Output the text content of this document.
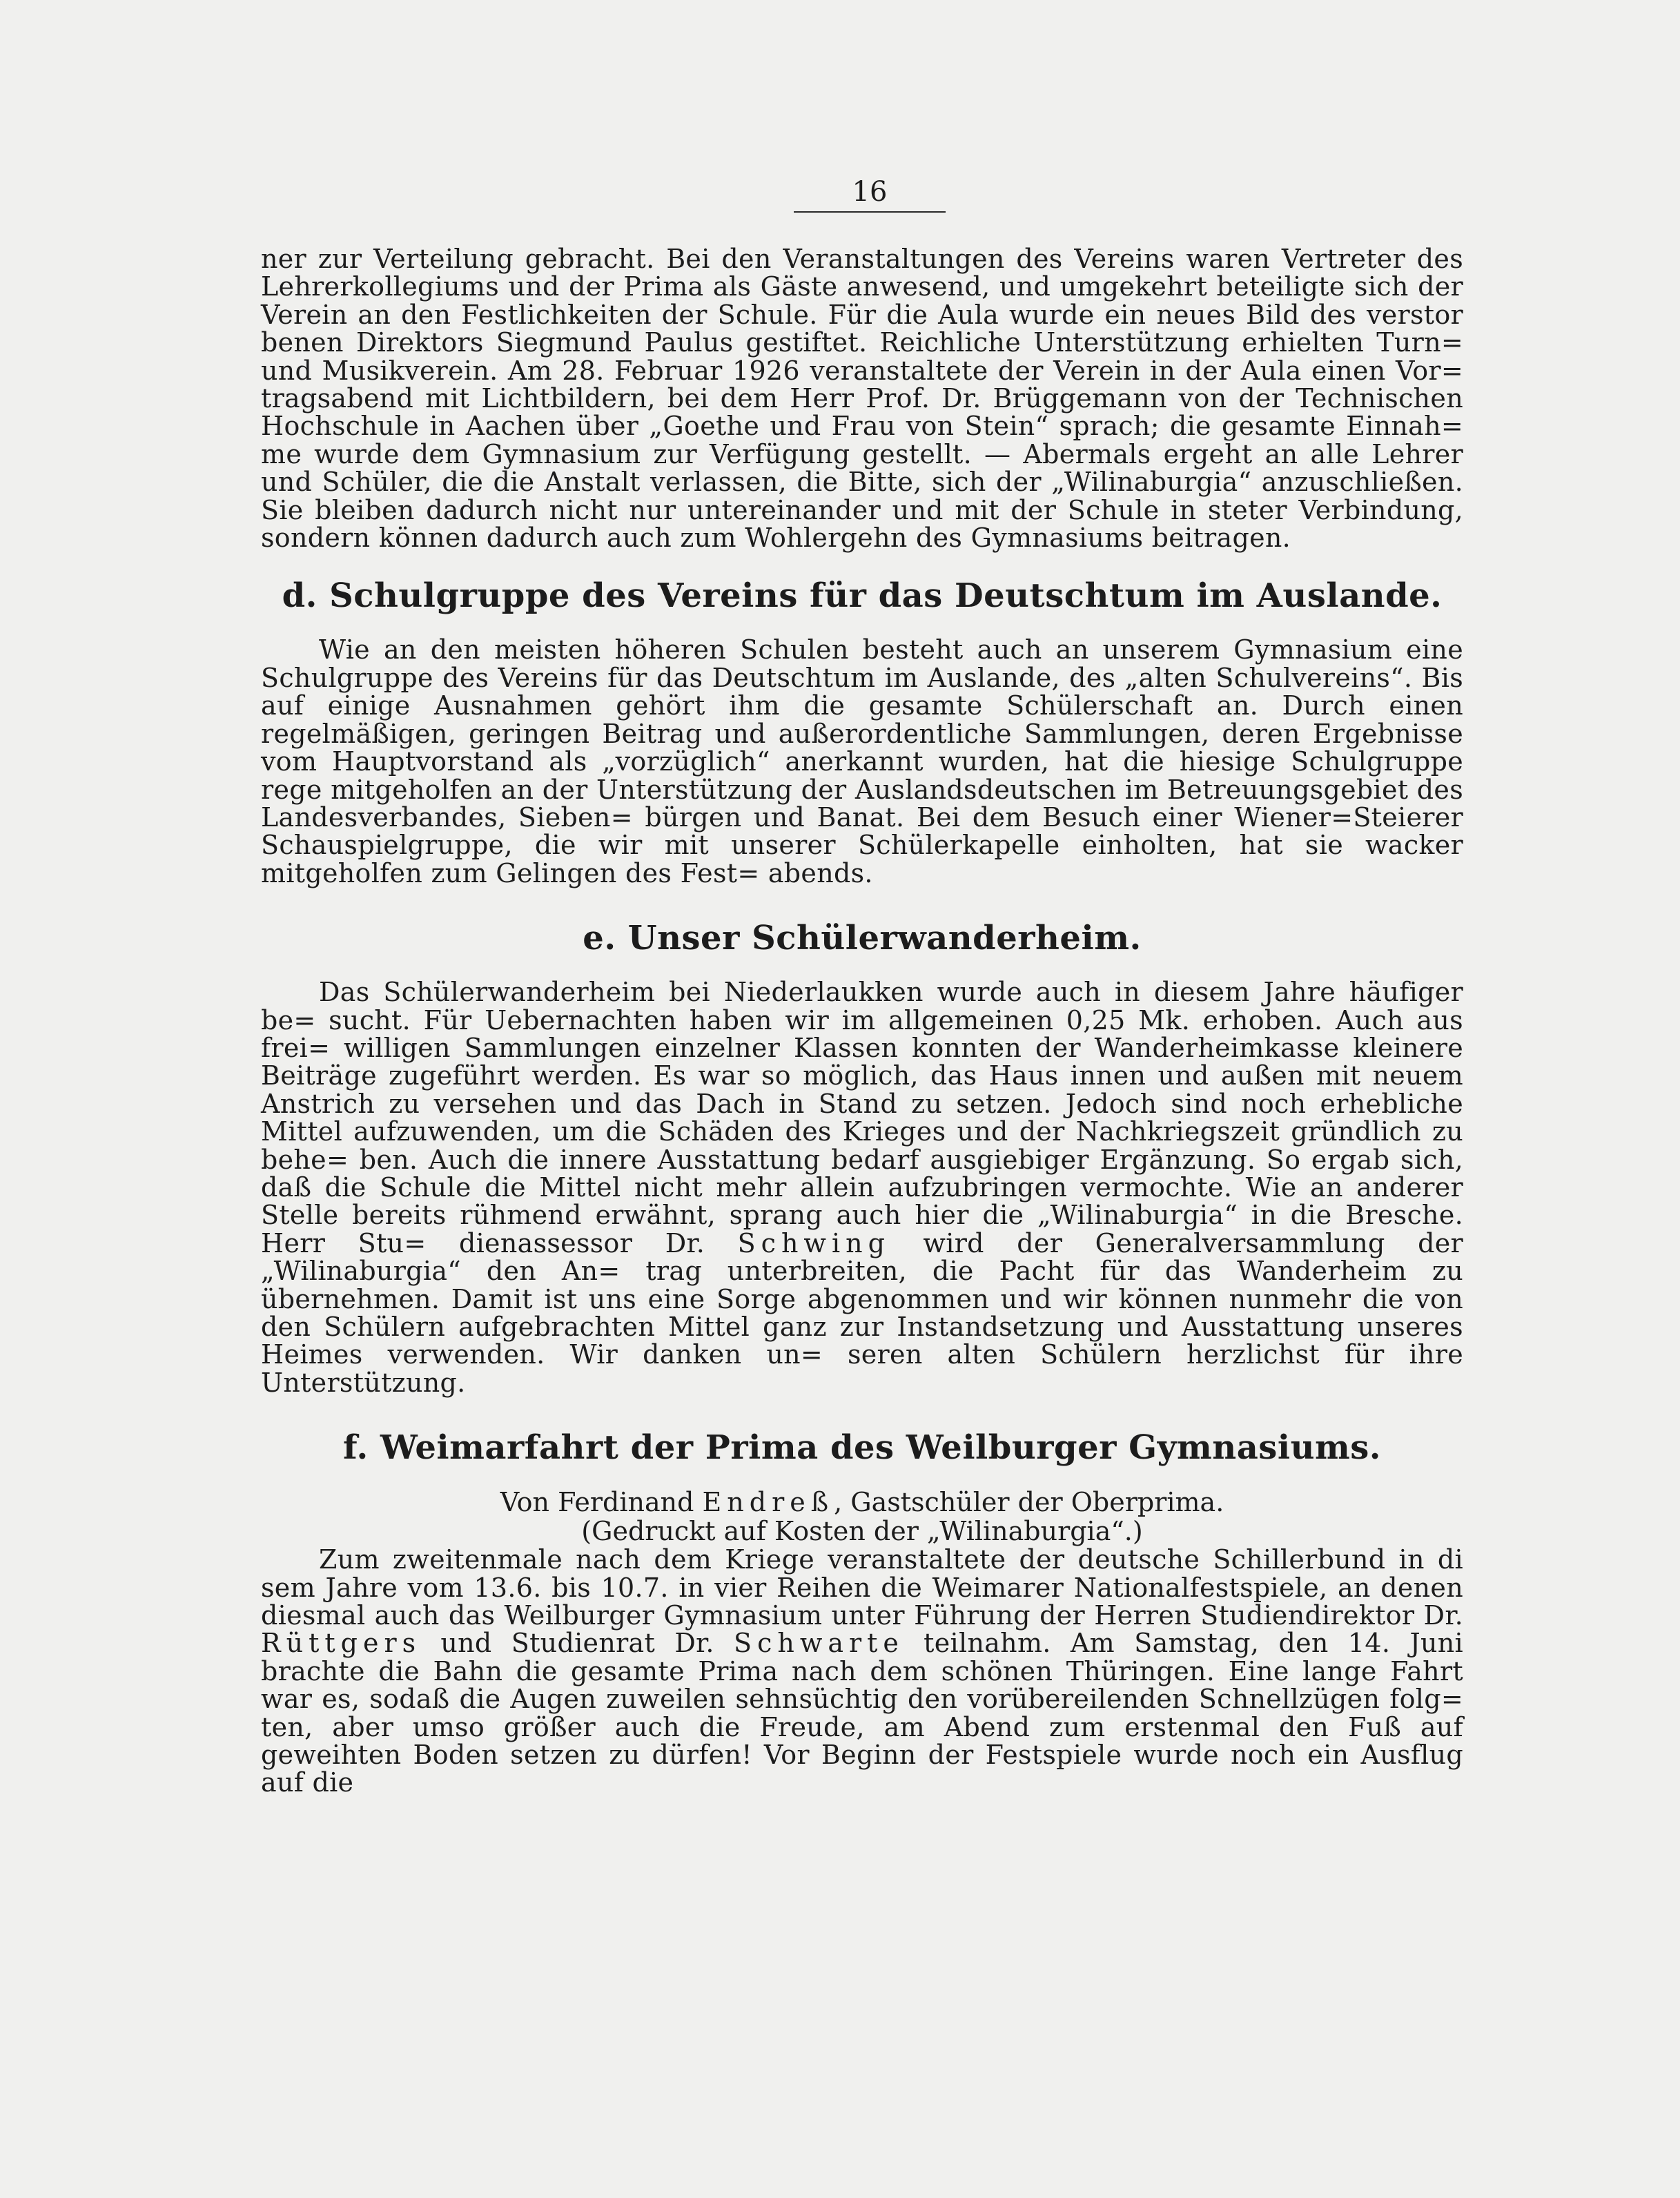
16

ner zur Verteilung gebracht. Bei den Veranstaltungen des Vereins waren Vertreter des Lehrerkollegiums und der Prima als Gäste anwesend, und umgekehrt beteiligte sich der Verein an den Festlichkeiten der Schule. Für die Aula wurde ein neues Bild des verstor benen Direktors Siegmund Paulus gestiftet. Reichliche Unterstützung erhielten Turn= und Musikverein. Am 28. Februar 1926 veranstaltete der Verein in der Aula einen Vor= tragsabend mit Lichtbildern, bei dem Herr Prof. Dr. Brüggemann von der Technischen Hochschule in Aachen über „Goethe und Frau von Stein“ sprach; die gesamte Einnah= me wurde dem Gymnasium zur Verfügung gestellt. — Abermals ergeht an alle Lehrer und Schüler, die die Anstalt verlassen, die Bitte, sich der „Wilinaburgia“ anzuschließen. Sie bleiben dadurch nicht nur untereinander und mit der Schule in steter Verbindung, sondern können dadurch auch zum Wohlergehn des Gymnasiums beitragen.

d. Schulgruppe des Vereins für das Deutschtum im Auslande.

Wie an den meisten höheren Schulen besteht auch an unserem Gymnasium eine Schulgruppe des Vereins für das Deutschtum im Auslande, des „alten Schulvereins“. Bis auf einige Ausnahmen gehört ihm die gesamte Schülerschaft an. Durch einen regelmäßigen, geringen Beitrag und außerordentliche Sammlungen, deren Ergebnisse vom Hauptvorstand als „vorzüglich“ anerkannt wurden, hat die hiesige Schulgruppe rege mitgeholfen an der Unterstützung der Auslandsdeutschen im Betreuungsgebiet des Landesverbandes, Sieben= bürgen und Banat. Bei dem Besuch einer Wiener=Steierer Schauspielgruppe, die wir mit unserer Schülerkapelle einholten, hat sie wacker mitgeholfen zum Gelingen des Fest= abends.

e. Unser Schülerwanderheim.

Das Schülerwanderheim bei Niederlaukken wurde auch in diesem Jahre häufiger be= sucht. Für Uebernachten haben wir im allgemeinen 0,25 Mk. erhoben. Auch aus frei= willigen Sammlungen einzelner Klassen konnten der Wanderheimkasse kleinere Beiträge zugeführt werden. Es war so möglich, das Haus innen und außen mit neuem Anstrich zu versehen und das Dach in Stand zu setzen. Jedoch sind noch erhebliche Mittel aufzuwenden, um die Schäden des Krieges und der Nachkriegszeit gründlich zu behe= ben. Auch die innere Ausstattung bedarf ausgiebiger Ergänzung. So ergab sich, daß die Schule die Mittel nicht mehr allein aufzubringen vermochte. Wie an anderer Stelle bereits rühmend erwähnt, sprang auch hier die „Wilinaburgia“ in die Bresche. Herr Stu= dienassessor Dr. Schwing wird der Generalversammlung der „Wilinaburgia“ den An= trag unterbreiten, die Pacht für das Wanderheim zu übernehmen. Damit ist uns eine Sorge abgenommen und wir können nunmehr die von den Schülern aufgebrachten Mittel ganz zur Instandsetzung und Ausstattung unseres Heimes verwenden. Wir danken un= seren alten Schülern herzlichst für ihre Unterstützung.

f. Weimarfahrt der Prima des Weilburger Gymnasiums.

Von Ferdinand Endreß, Gastschüler der Oberprima.

(Gedruckt auf Kosten der „Wilinaburgia“.)

Zum zweitenmale nach dem Kriege veranstaltete der deutsche Schillerbund in di sem Jahre vom 13.6. bis 10.7. in vier Reihen die Weimarer Nationalfestspiele, an denen diesmal auch das Weilburger Gymnasium unter Führung der Herren Studiendirektor Dr. Rüttgers und Studienrat Dr. Schwarte teilnahm. Am Samstag, den 14. Juni brachte die Bahn die gesamte Prima nach dem schönen Thüringen. Eine lange Fahrt war es, sodaß die Augen zuweilen sehnsüchtig den vorübereilenden Schnellzügen folg= ten, aber umso größer auch die Freude, am Abend zum erstenmal den Fuß auf geweihten Boden setzen zu dürfen! Vor Beginn der Festspiele wurde noch ein Ausflug auf die
